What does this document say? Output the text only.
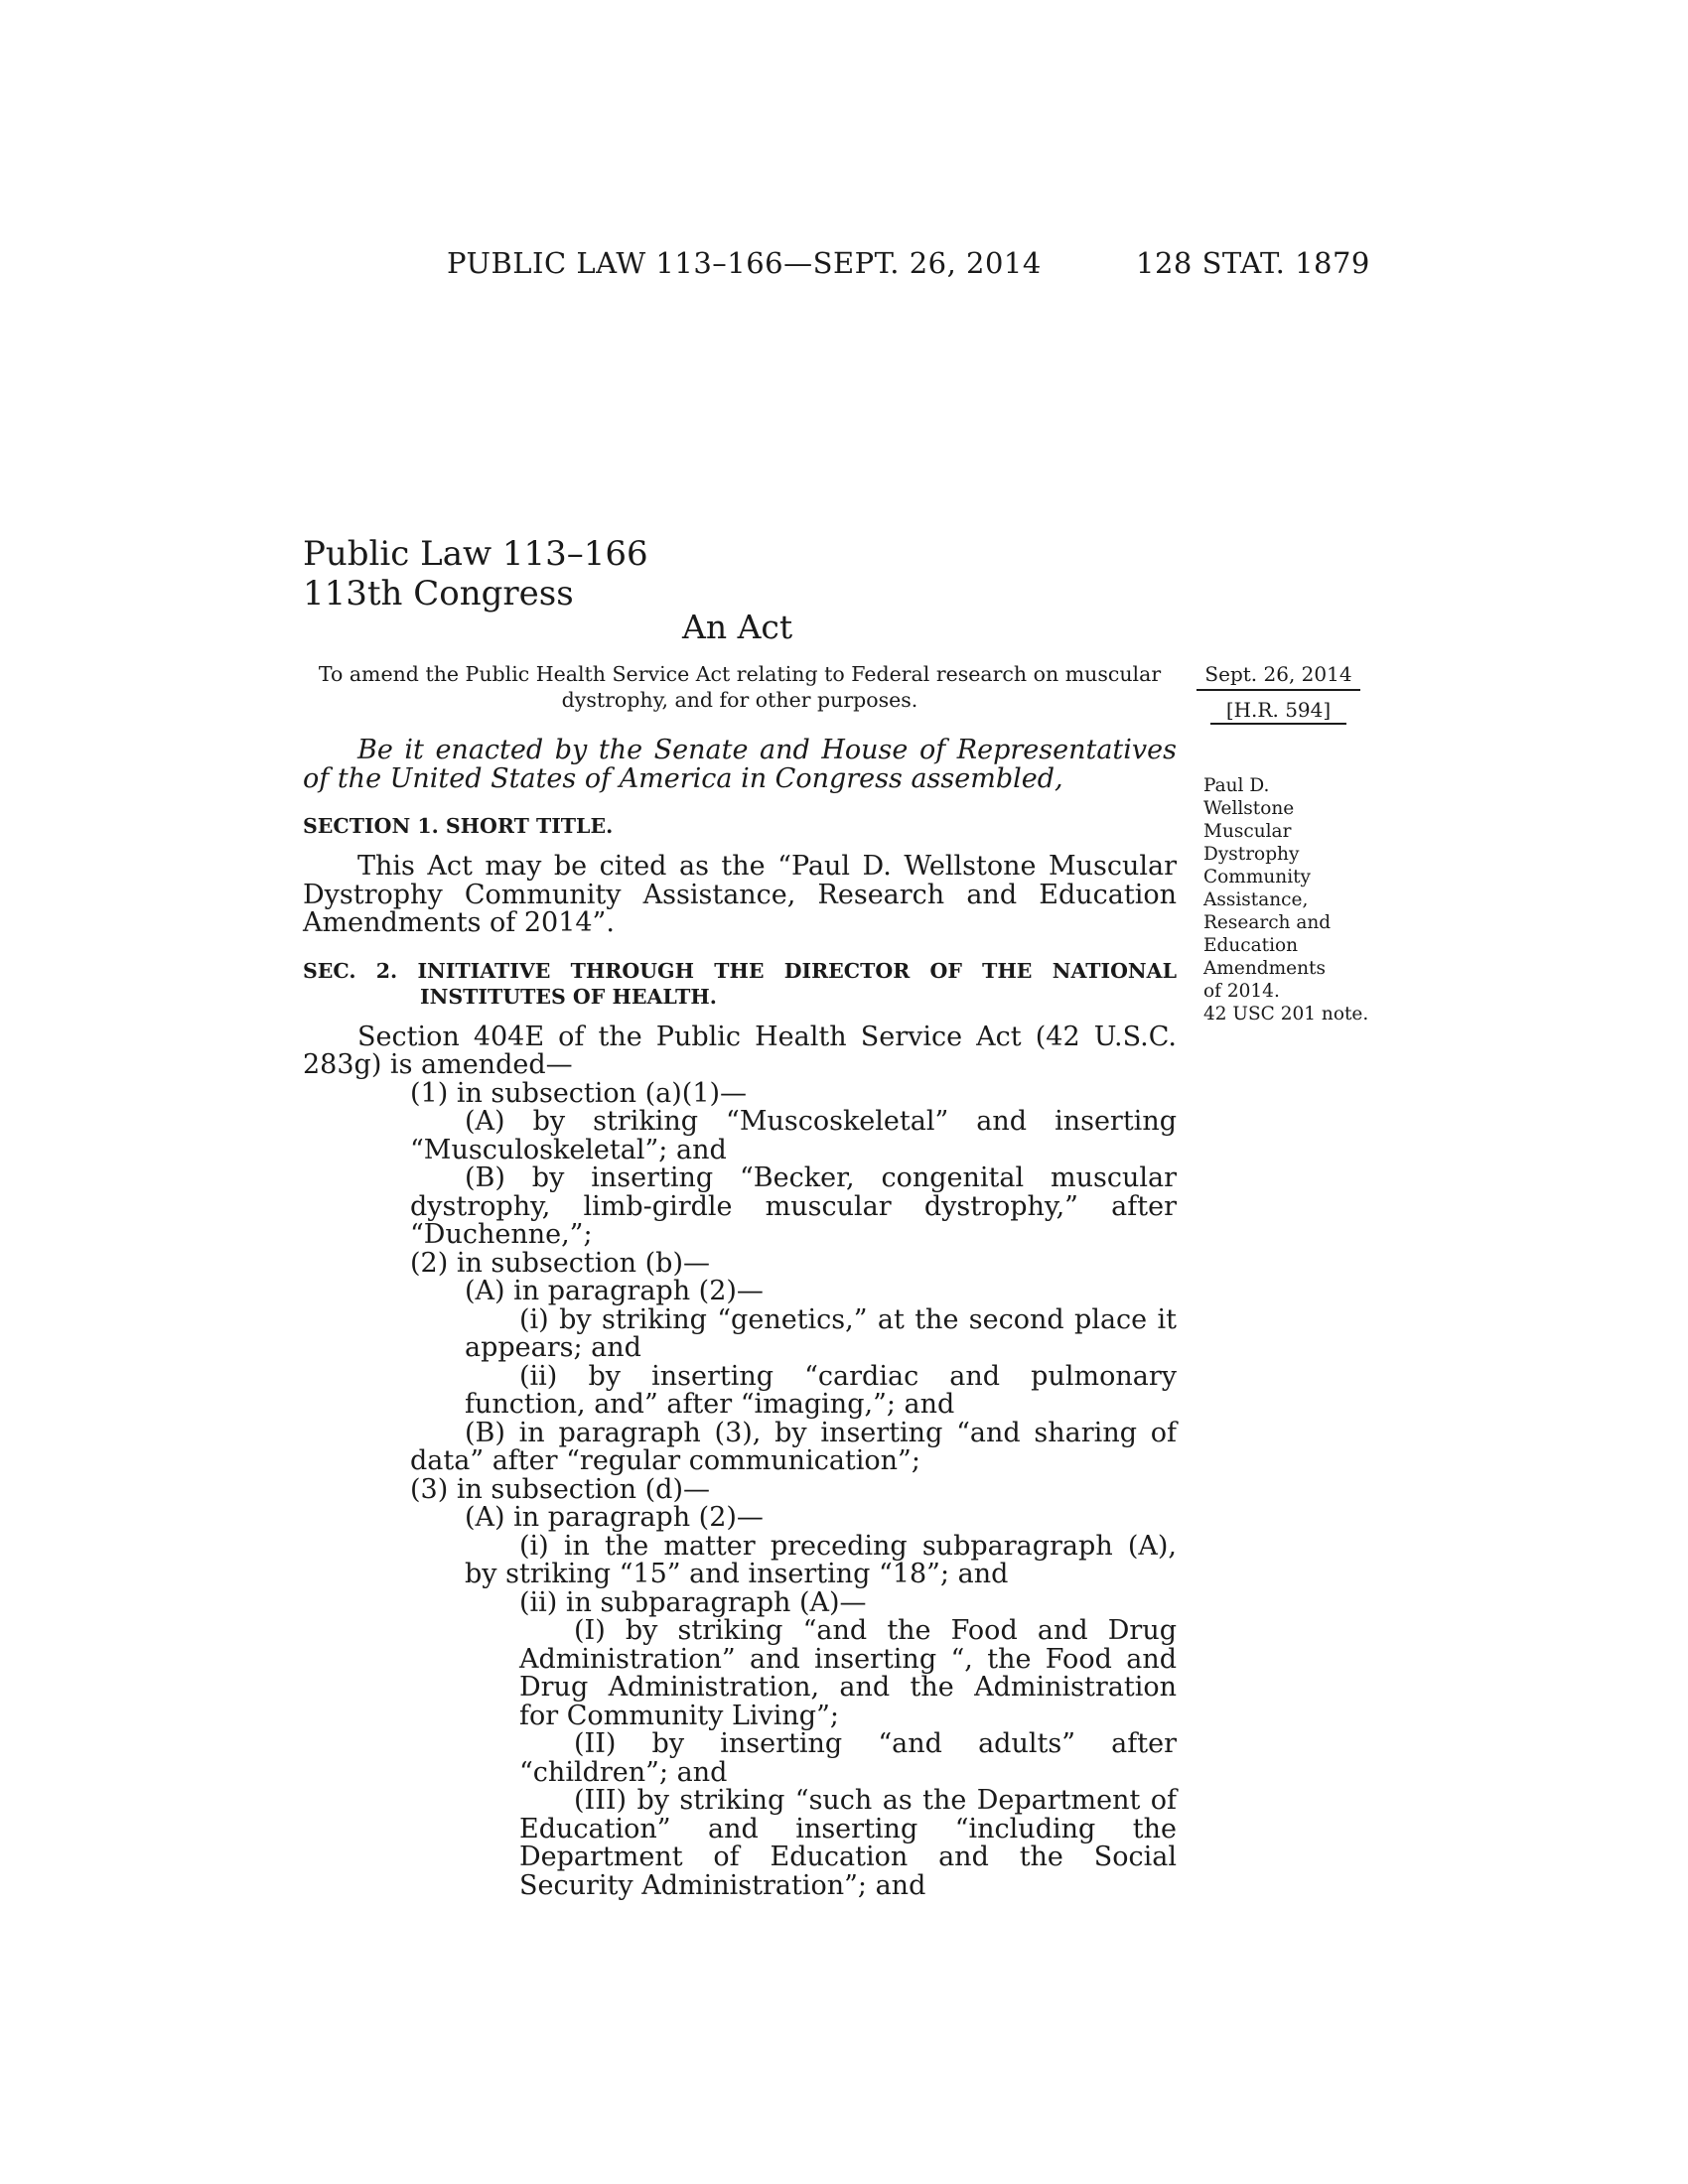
PUBLIC LAW 113–166—SEPT. 26, 2014	128 STAT. 1879
Public Law 113–166
113th Congress
An Act
To amend the Public Health Service Act relating to Federal research on muscular dystrophy, and for other purposes.
Sept. 26, 2014
[H.R. 594]

Paul D.

Wellstone

Muscular

Dystrophy

Community

Assistance,

Research and

Education

Amendments

of 2014.

42 USC 201 note.

Be it enacted by the Senate and House of Representatives of the United States of America in Congress assembled,

SECTION 1. SHORT TITLE.

This Act may be cited as the “Paul D. Wellstone Muscular Dystrophy Community Assistance, Research and Education Amendments of 2014”.

SEC. 2. INITIATIVE THROUGH THE DIRECTOR OF THE NATIONAL INSTITUTES OF HEALTH.

Section 404E of the Public Health Service Act (42 U.S.C. 283g) is amended—

(1) in subsection (a)(1)—

(A) by striking “Muscoskeletal” and inserting “Musculoskeletal”; and

(B) by inserting “Becker, congenital muscular dystrophy, limb-girdle muscular dystrophy,” after “Duchenne,”;

(2) in subsection (b)—

(A) in paragraph (2)—

(i) by striking “genetics,” at the second place it appears; and

(ii) by inserting “cardiac and pulmonary function, and” after “imaging,”; and

(B) in paragraph (3), by inserting “and sharing of data” after “regular communication”;

(3) in subsection (d)—

(A) in paragraph (2)—

(i) in the matter preceding subparagraph (A), by striking “15” and inserting “18”; and

(ii) in subparagraph (A)—

(I) by striking “and the Food and Drug Administration” and inserting “, the Food and Drug Administration, and the Administration for Community Living”;

(II) by inserting “and adults” after “children”; and

(III) by striking “such as the Department of Education” and inserting “including the Department of Education and the Social Security Administration”; and
